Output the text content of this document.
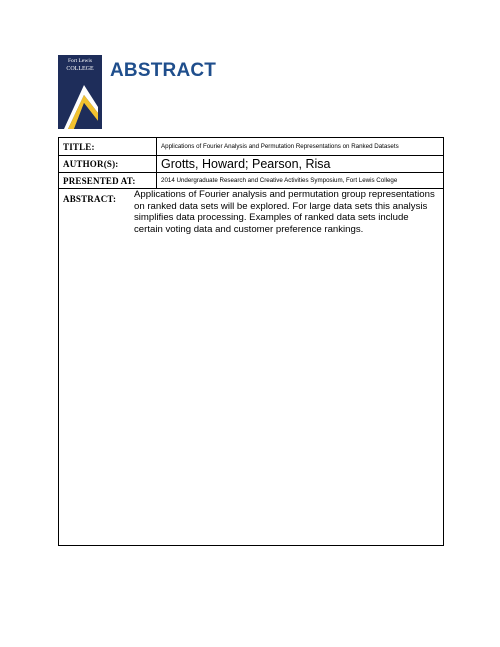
Fort Lewis
COLLEGE ABSTRACT
TITLE:	Applications of Fourier Analysis and Permutation Representations on Ranked Datasets
AUTHOR(S):	Grotts, Howard; Pearson, Risa
PRESENTED AT:	2014 Undergraduate Research and Creative Activities Symposium, Fort Lewis College
ABSTRACT: Applications of Fourier analysis and permutation group representations on ranked data sets will be explored. For large data sets this analysis simplifies data processing. Examples of ranked data sets include certain voting data and customer preference rankings.
